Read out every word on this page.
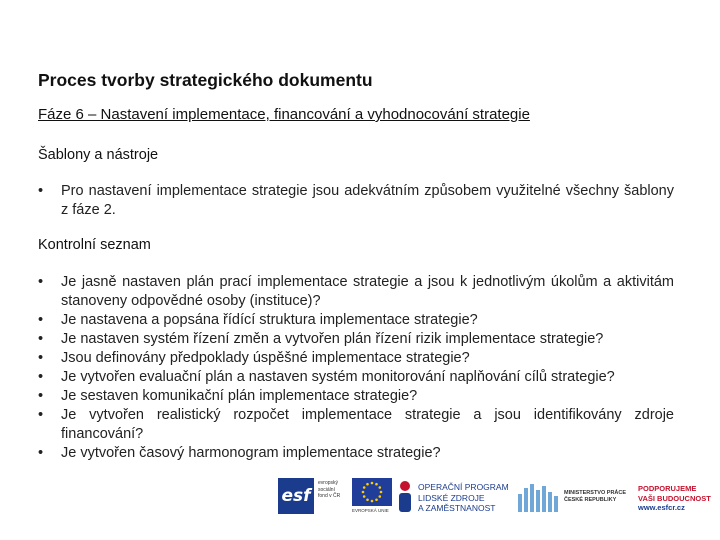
Proces tvorby strategického dokumentu
Fáze 6 – Nastavení implementace, financování a vyhodnocování strategie
Šablony a nástroje
• Pro nastavení implementace strategie jsou adekvátním způsobem využitelné všechny šablony z fáze 2.
Kontrolní seznam
• Je jasně nastaven plán prací implementace strategie a jsou k jednotlivým úkolům a aktivitám stanoveny odpovědné osoby (instituce)?
• Je nastavena a popsána řídící struktura implementace strategie?
• Je nastaven systém řízení změn a vytvořen plán řízení rizik implementace strategie?
• Jsou definovány předpoklady úspěšné implementace strategie?
• Je vytvořen evaluační plán a nastaven systém monitorování naplňování cílů strategie?
• Je sestaven komunikační plán implementace strategie?
• Je vytvořen realistický rozpočet implementace strategie a jsou identifikovány zdroje financování?
• Je vytvořen časový harmonogram implementace strategie?
esf
evropský
sociální
fond v ČR
EVROPSKÁ UNIE
OPERAČNÍ PROGRAM
LIDSKÉ ZDROJE
A ZAMĚSTNANOST
MINISTERSTVO PRÁCE
ČESKÉ REPUBLIKY
PODPORUJEME
VAŠI BUDOUCNOST
www.esfcr.cz
